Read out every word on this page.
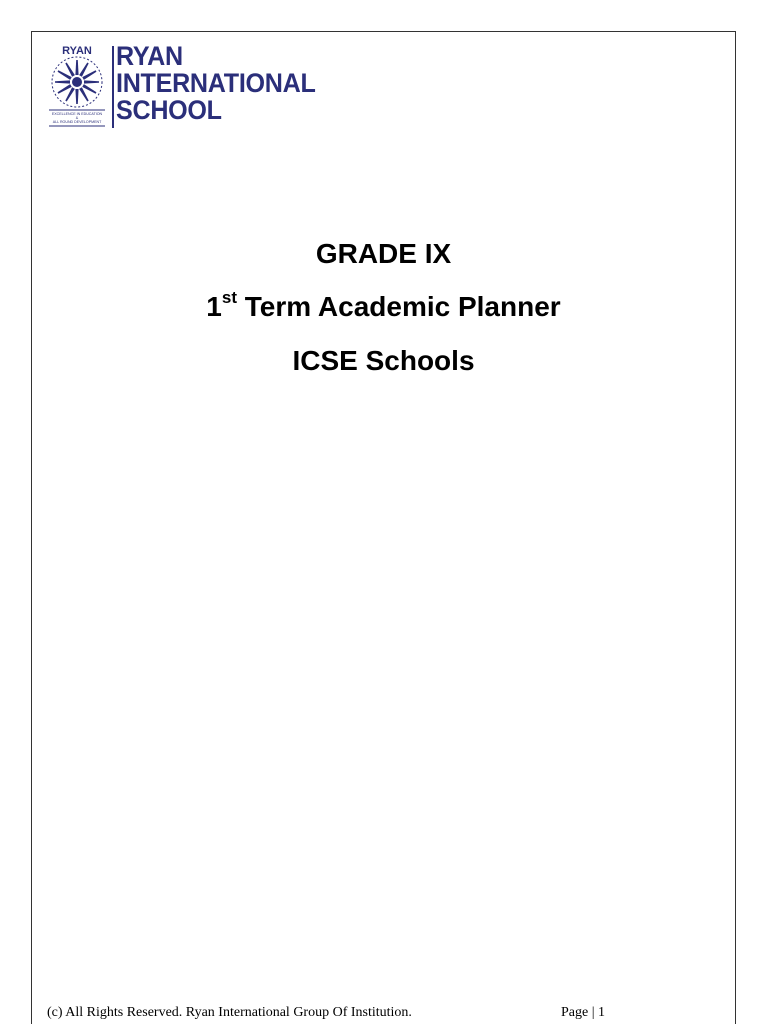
RYAN
EXCELLENCE IN EDUCATION
&
ALL ROUND DEVELOPMENT
RYAN
INTERNATIONAL
SCHOOL
GRADE IX
1st Term Academic Planner
ICSE Schools
(c) All Rights Reserved. Ryan International Group Of Institution.	Page | 1
